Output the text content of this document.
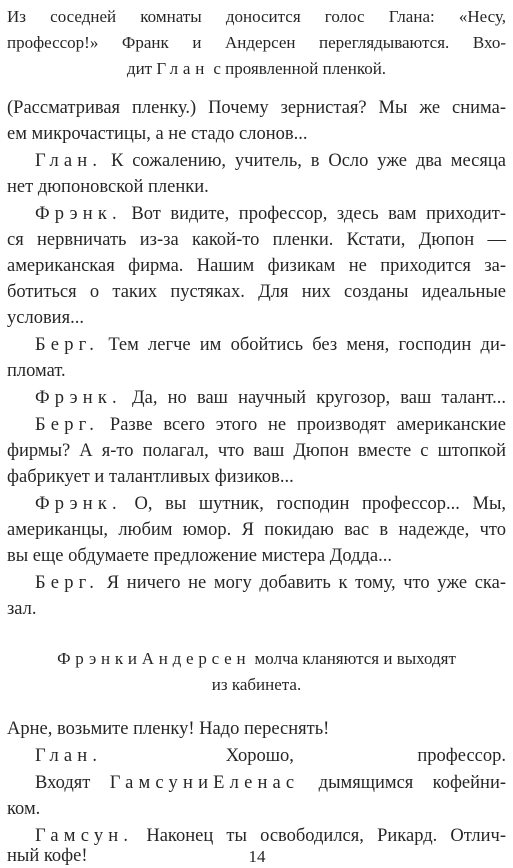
Из соседней комнаты доносится голос Глана: «Несу,
профессор!» Франк и Андерсен переглядываются. Вхо-
дит Глан с проявленной пленкой.
(Рассматривая пленку.) Почему зернистая? Мы же снима-
ем микрочастицы, а не стадо слонов...
Глан. К сожалению, учитель, в Осло уже два месяца
нет дюпоновской пленки.
Фрэнк. Вот видите, профессор, здесь вам приходит-
ся нервничать из-за какой-то пленки. Кстати, Дюпон —
американская фирма. Нашим физикам не приходится за-
ботиться о таких пустяках. Для них созданы идеальные
условия...
Берг. Тем легче им обойтись без меня, господин ди-
пломат.
Фрэнк. Да, но ваш научный кругозор, ваш талант...
Берг. Разве всего этого не производят американские
фирмы? А я-то полагал, что ваш Дюпон вместе с штопкой
фабрикует и талантливых физиков...
Фрэнк. О, вы шутник, господин профессор... Мы,
американцы, любим юмор. Я покидаю вас в надежде, что
вы еще обдумаете предложение мистера Додда...
Берг. Я ничего не могу добавить к тому, что уже ска-
зал.
ФрэнкиАндерсен молча кланяются и выходят
из кабинета.
Арне, возьмите пленку! Надо переснять!
Глан.	Хорошо, профессор.
Входят ГамсуниЕленас дымящимся кофейни-
ком.
Гамсун. Наконец ты освободился, Рикард. Отлич-
ный кофе!	14
